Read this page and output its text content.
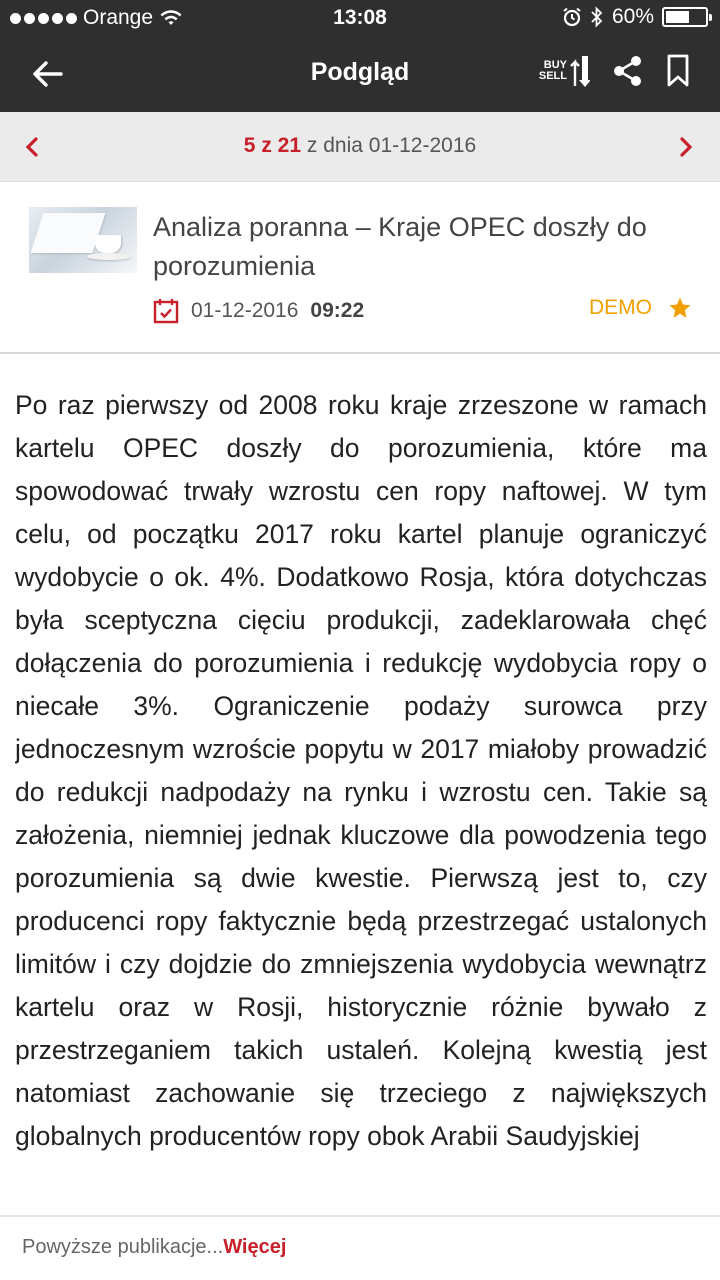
Orange	13:08	60%
Podgląd	BUY
SELL
5 z 21 z dnia 01-12-2016
Analiza poranna – Kraje OPEC doszły do porozumienia
01-12-2016 09:22	DEMO
Po raz pierwszy od 2008 roku kraje zrzeszone w ramach kartelu OPEC doszły do porozumienia, które ma spowodować trwały wzrostu cen ropy naftowej. W tym celu, od początku 2017 roku kartel planuje ograniczyć wydobycie o ok. 4%. Dodatkowo Rosja, która dotychczas była sceptyczna cięciu produkcji, zadeklarowała chęć dołączenia do porozumienia i redukcję wydobycia ropy o niecałe 3%. Ograniczenie podaży surowca przy jednoczesnym wzroście popytu w 2017 miałoby prowadzić do redukcji nadpodaży na rynku i wzrostu cen. Takie są założenia, niemniej jednak kluczowe dla powodzenia tego porozumienia są dwie kwestie. Pierwszą jest to, czy producenci ropy faktycznie będą przestrzegać ustalonych limitów i czy dojdzie do zmniejszenia wydobycia wewnątrz kartelu oraz w Rosji, historycznie różnie bywało z przestrzeganiem takich ustaleń. Kolejną kwestią jest natomiast zachowanie się trzeciego z największych globalnych producentów ropy obok Arabii Saudyjskiej
Powyższe publikacje...Więcej
